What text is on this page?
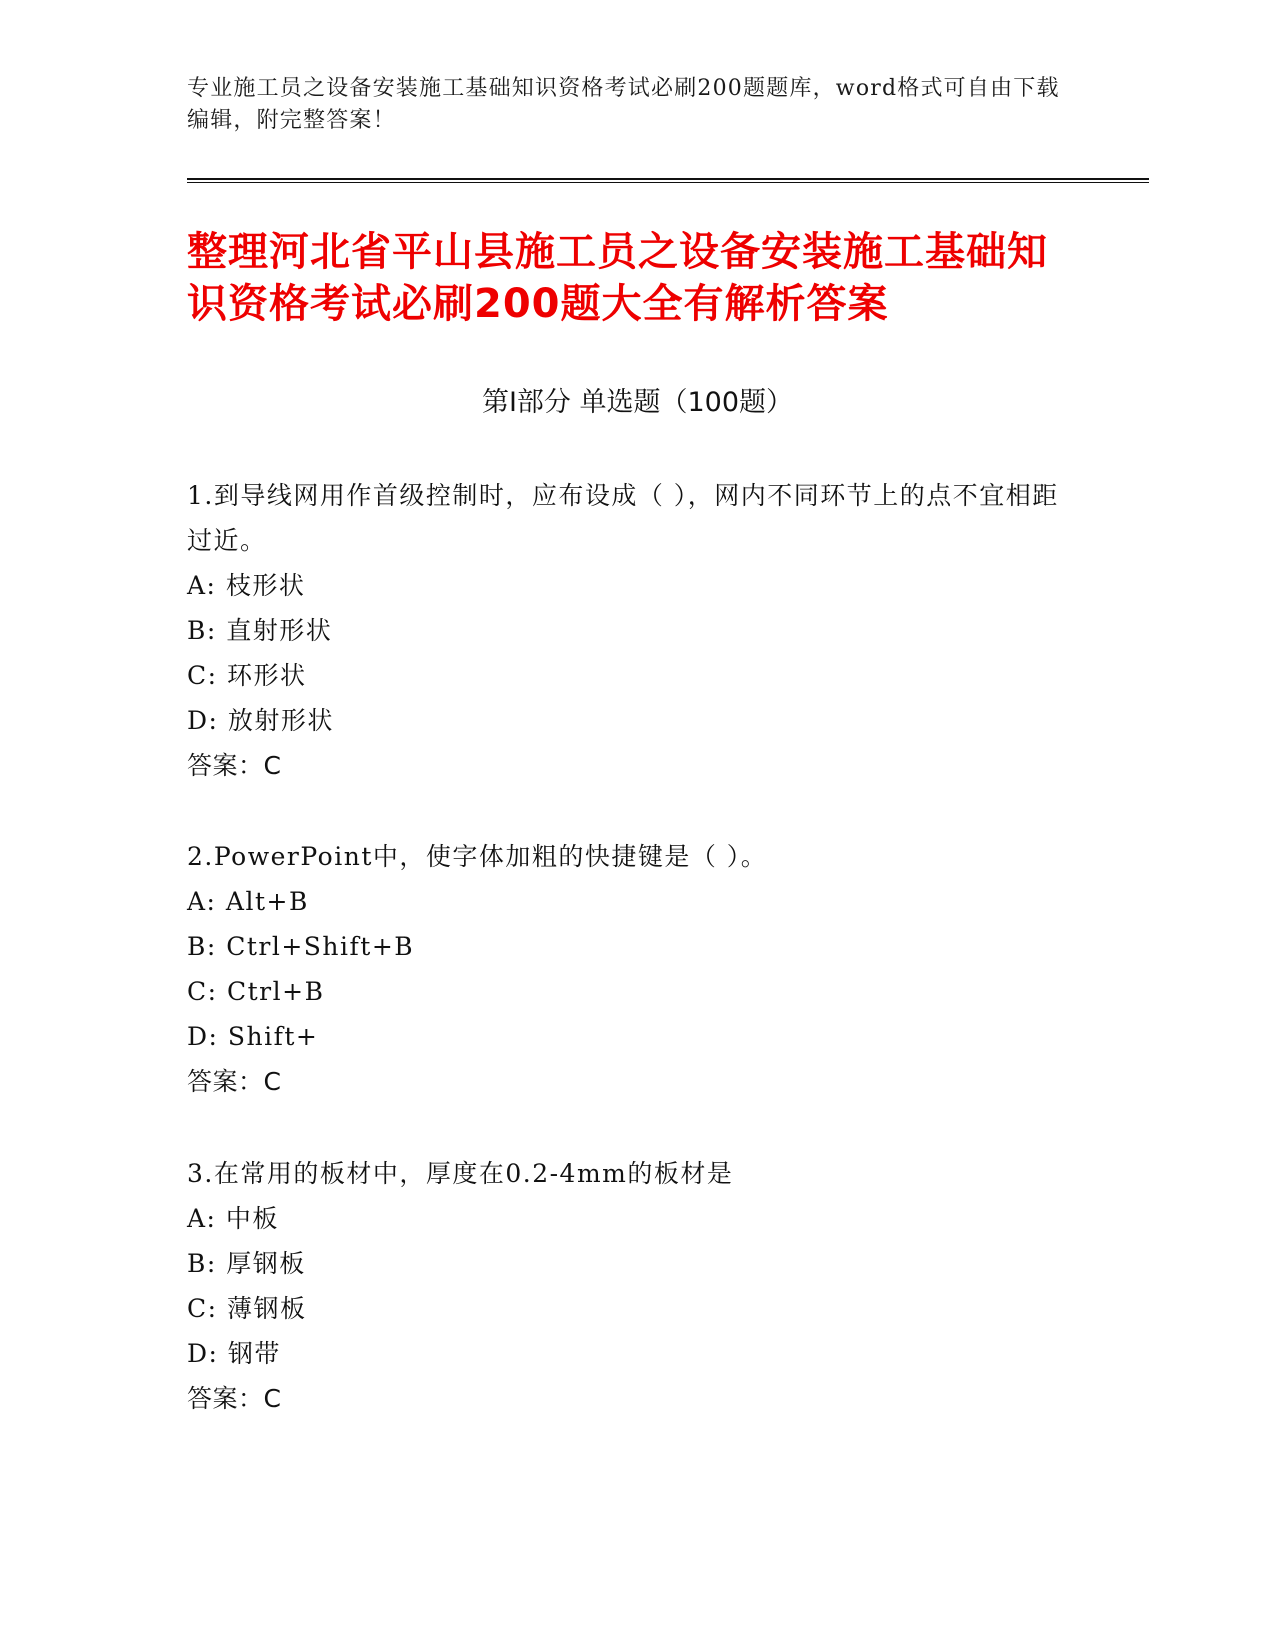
专业施工员之设备安装施工基础知识资格考试必刷200题题库，word格式可自由下载编辑，附完整答案！
整理河北省平山县施工员之设备安装施工基础知识资格考试必刷200题大全有解析答案
第I部分 单选题（100题）

1.到导线网用作首级控制时，应布设成（ ），网内不同环节上的点不宜相距过近。

A: 枝形状

B: 直射形状

C: 环形状

D: 放射形状

答案：C

2.PowerPoint中，使字体加粗的快捷键是（ ）。

A: Alt+B

B: Ctrl+Shift+B

C: Ctrl+B

D: Shift+

答案：C

3.在常用的板材中，厚度在0.2-4mm的板材是

A: 中板

B: 厚钢板

C: 薄钢板

D: 钢带

答案：C
